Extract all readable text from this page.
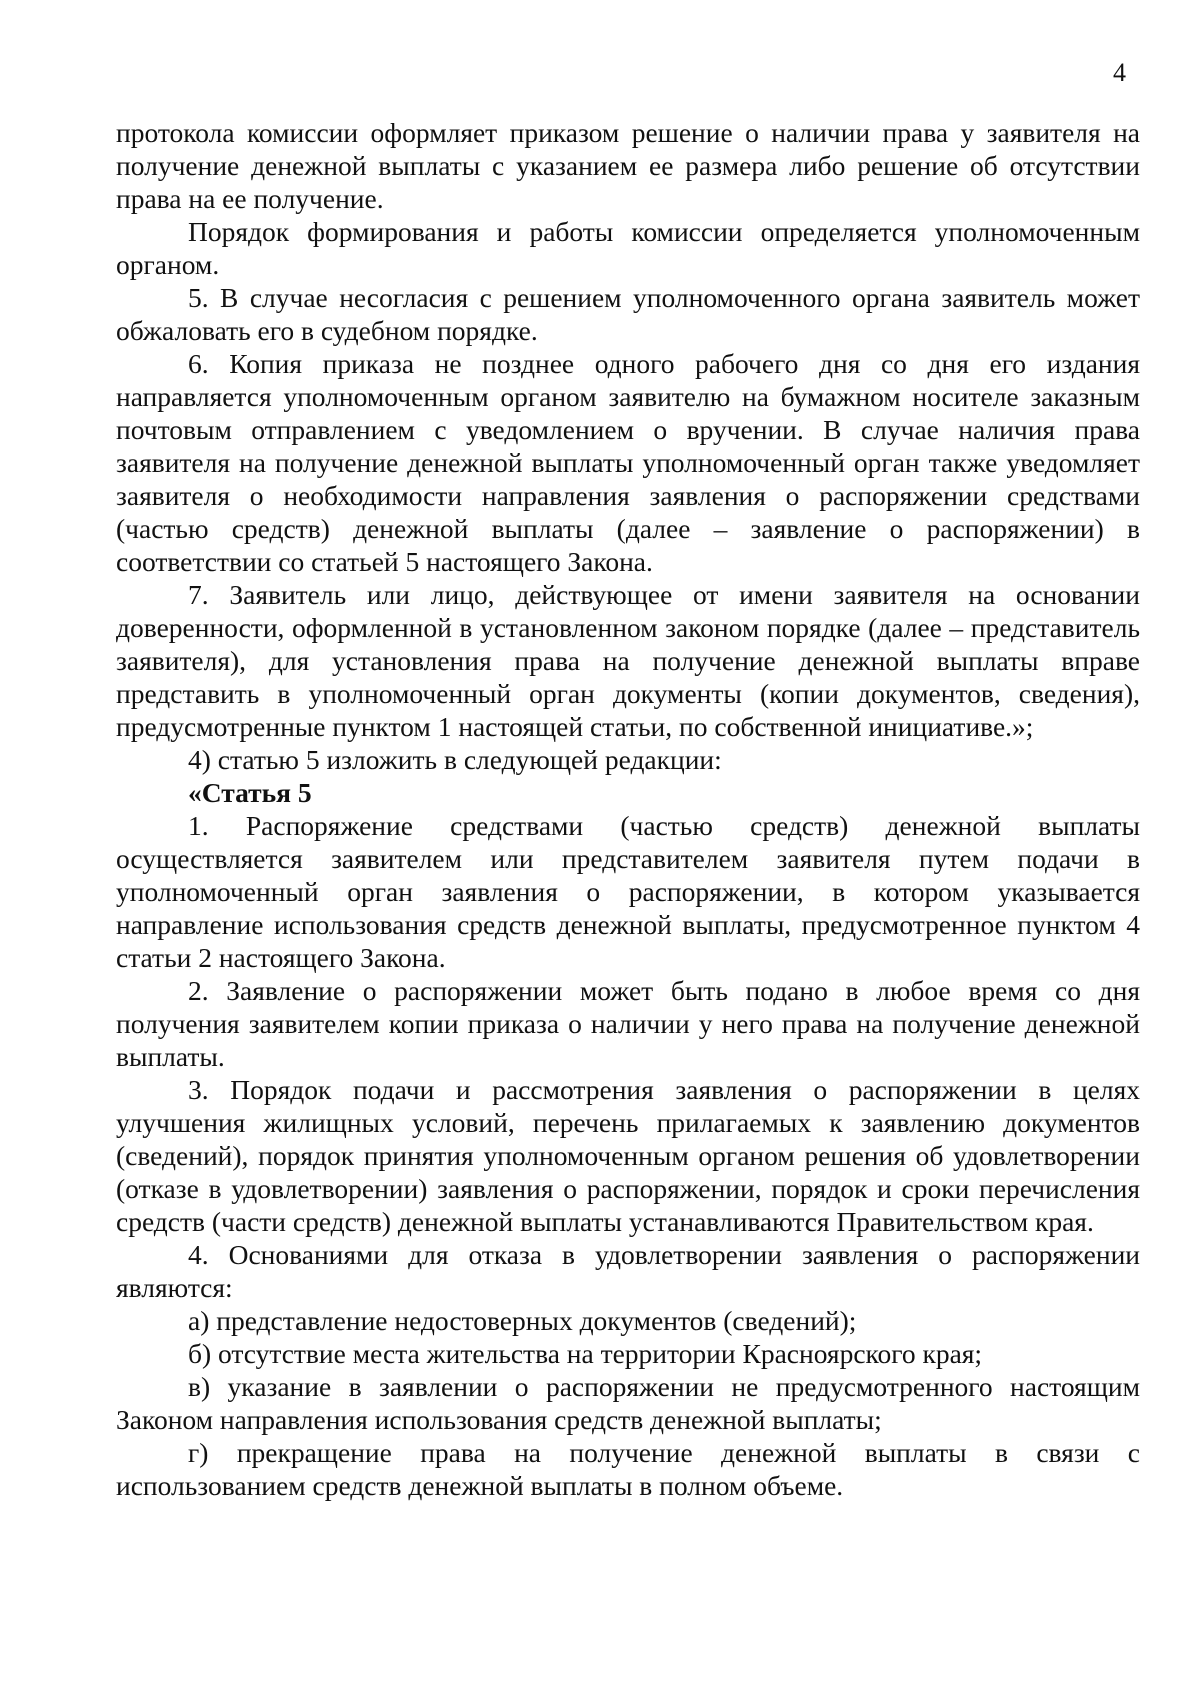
4

протокола комиссии оформляет приказом решение о наличии права у заявителя на получение денежной выплаты с указанием ее размера либо решение об отсутствии права на ее получение.

Порядок формирования и работы комиссии определяется уполномоченным органом.

5. В случае несогласия с решением уполномоченного органа заявитель может обжаловать его в судебном порядке.

6. Копия приказа не позднее одного рабочего дня со дня его издания направляется уполномоченным органом заявителю на бумажном носителе заказным почтовым отправлением с уведомлением о вручении. В случае наличия права заявителя на получение денежной выплаты уполномоченный орган также уведомляет заявителя о необходимости направления заявления о распоряжении средствами (частью средств) денежной выплаты (далее – заявление о распоряжении) в соответствии со статьей 5 настоящего Закона.

7. Заявитель или лицо, действующее от имени заявителя на основании доверенности, оформленной в установленном законом порядке (далее – представитель заявителя), для установления права на получение денежной выплаты вправе представить в уполномоченный орган документы (копии документов, сведения), предусмотренные пунктом 1 настоящей статьи, по собственной инициативе.»;

4) статью 5 изложить в следующей редакции:

«Статья 5

1. Распоряжение средствами (частью средств) денежной выплаты осуществляется заявителем или представителем заявителя путем подачи в уполномоченный орган заявления о распоряжении, в котором указывается направление использования средств денежной выплаты, предусмотренное пунктом 4 статьи 2 настоящего Закона.

2. Заявление о распоряжении может быть подано в любое время со дня получения заявителем копии приказа о наличии у него права на получение денежной выплаты.

3. Порядок подачи и рассмотрения заявления о распоряжении в целях улучшения жилищных условий, перечень прилагаемых к заявлению документов (сведений), порядок принятия уполномоченным органом решения об удовлетворении (отказе в удовлетворении) заявления о распоряжении, порядок и сроки перечисления средств (части средств) денежной выплаты устанавливаются Правительством края.

4. Основаниями для отказа в удовлетворении заявления о распоряжении являются:

а) представление недостоверных документов (сведений);

б) отсутствие места жительства на территории Красноярского края;

в) указание в заявлении о распоряжении не предусмотренного настоящим Законом направления использования средств денежной выплаты;

г) прекращение права на получение денежной выплаты в связи с использованием средств денежной выплаты в полном объеме.
